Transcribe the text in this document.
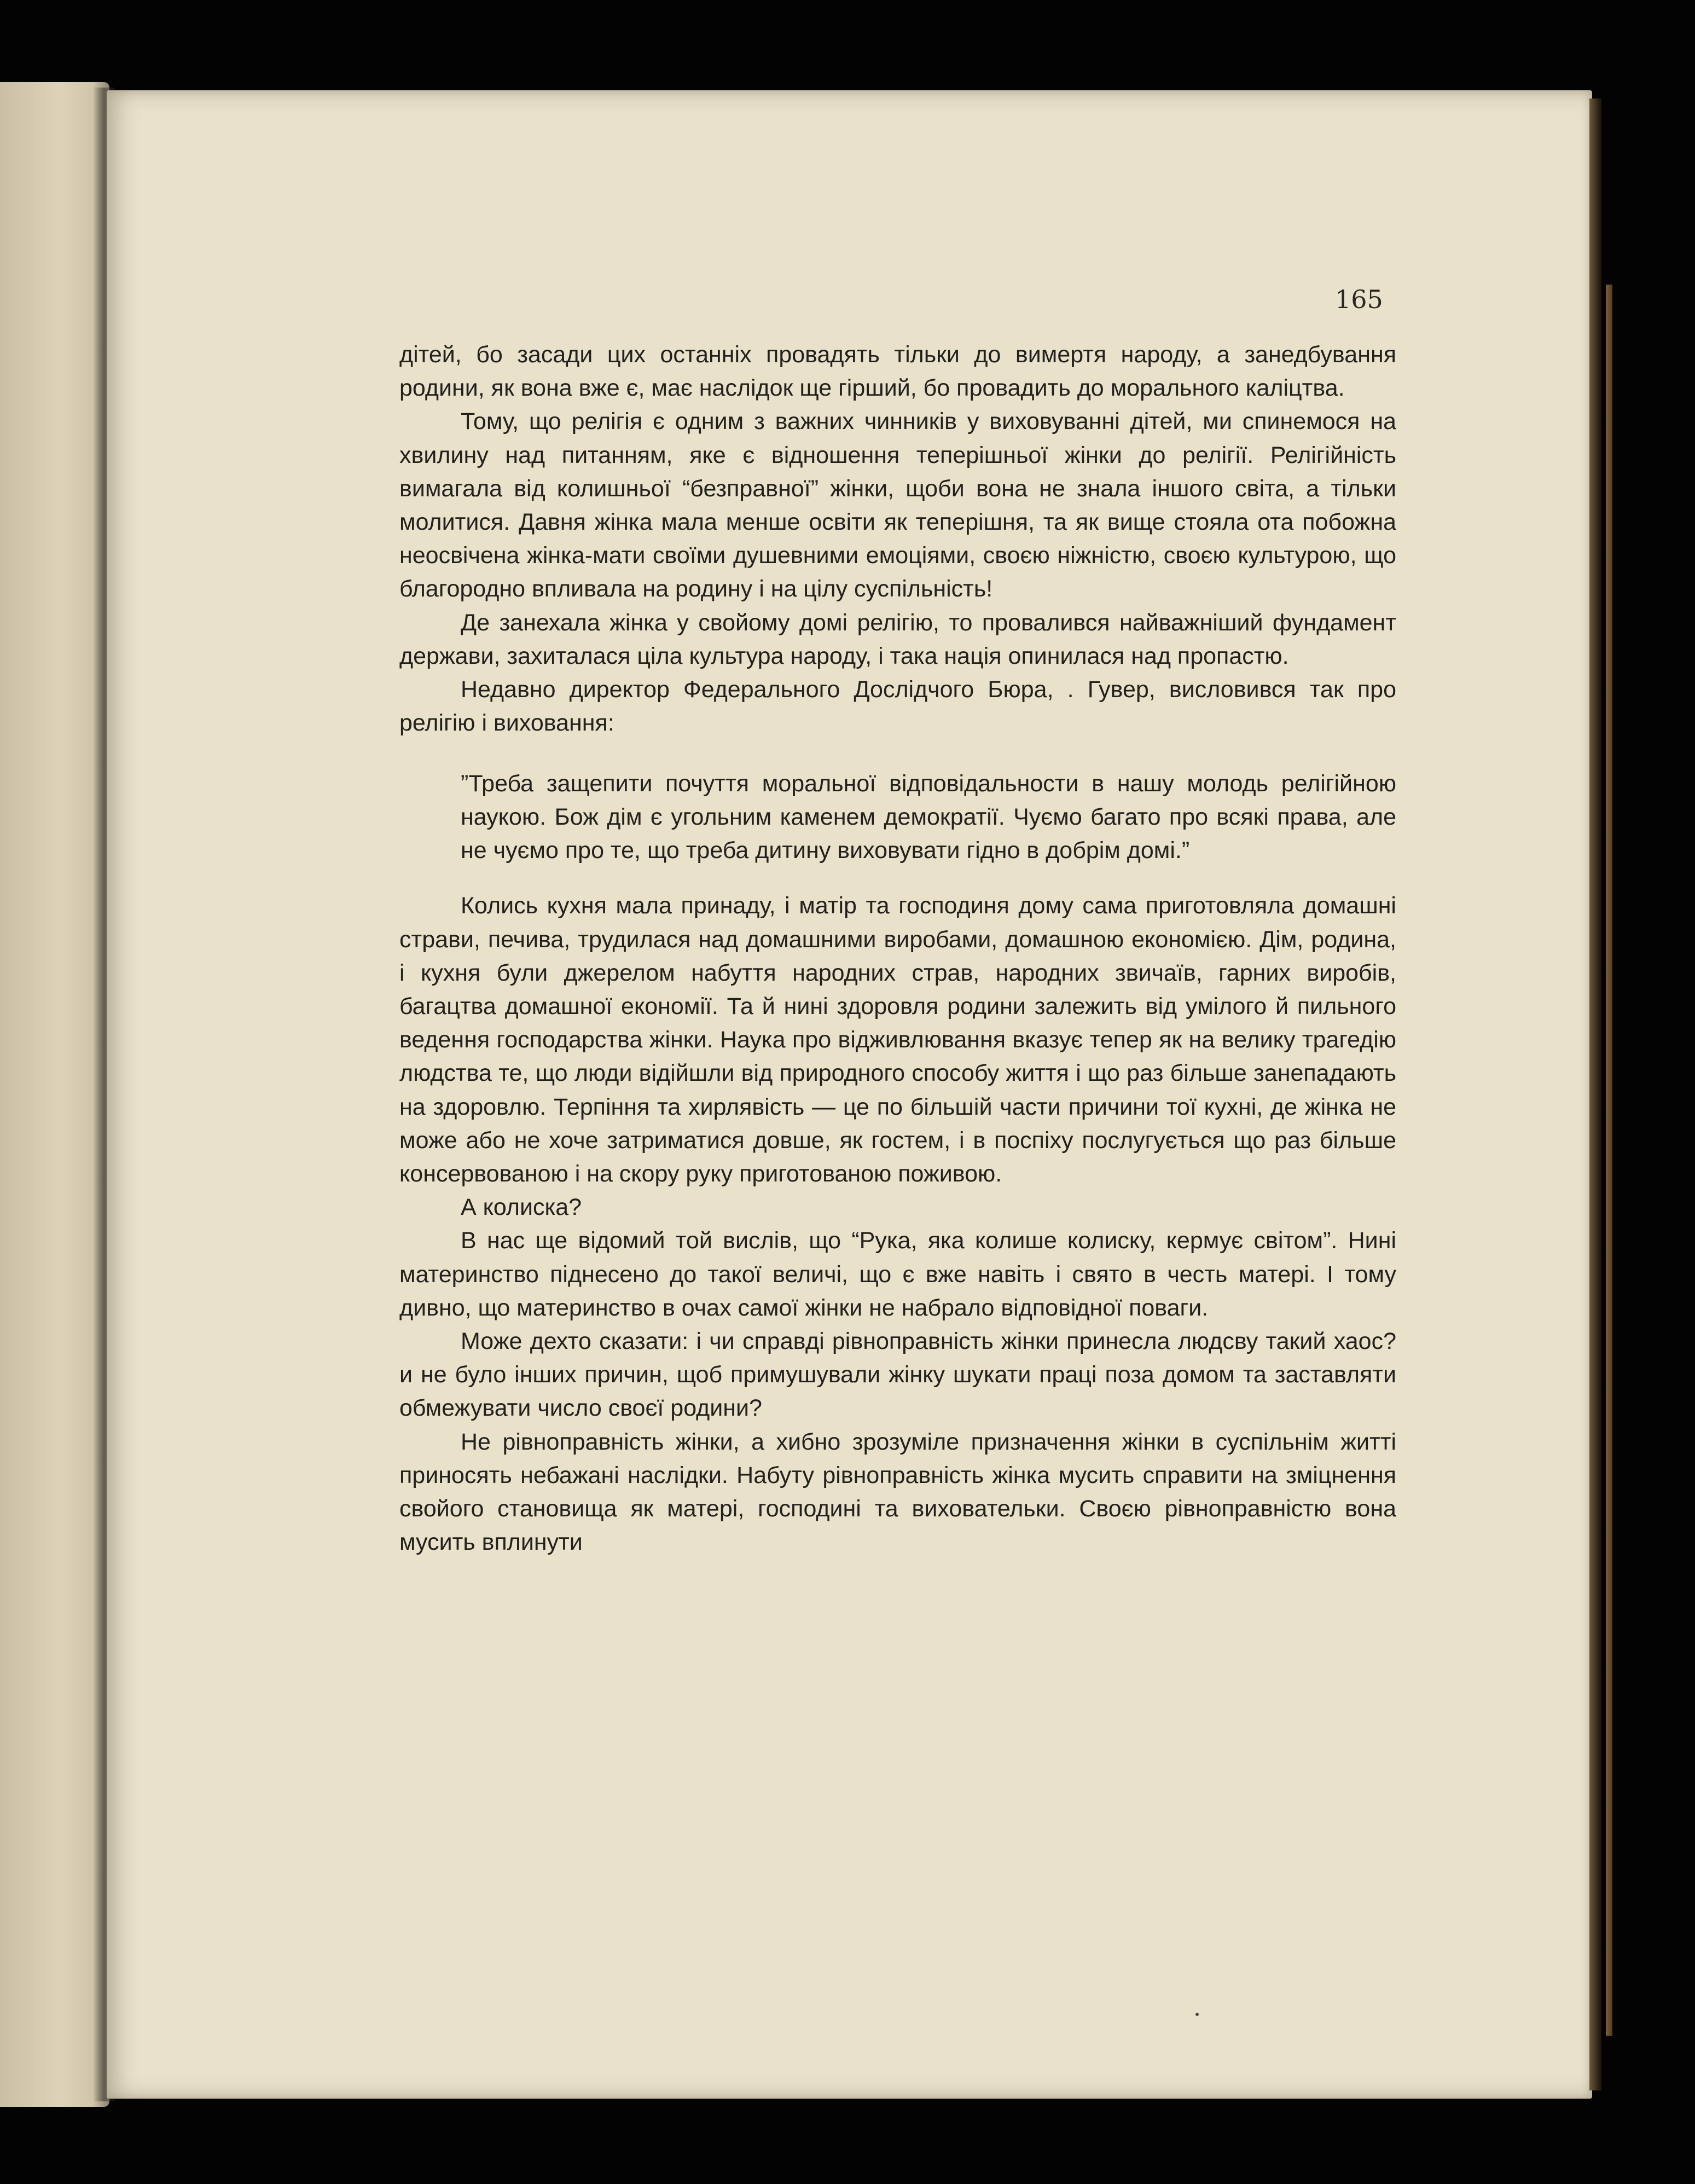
165

дітей, бо засади цих останніх провадять тільки до вимертя народу, а занедбування родини, як вона вже є, має наслідок ще гірший, бо провадить до морального каліцтва.

Тому, що релігія є одним з важних чинників у виховуванні дітей, ми спинемося на хвилину над питанням, яке є відношення теперішньої жінки до релігії. Релігійність вимагала від колишньої “безправної” жінки, щоби вона не знала іншого світа, а тільки молитися. Давня жінка мала менше освіти як теперішня, та як вище стояла ота побожна неосвічена жінка-мати своїми душевними емоціями, своєю ніжністю, своєю культурою, що благородно впливала на родину і на цілу суспільність!

Де занехала жінка у свойому домі релігію, то провалився найважніший фундамент держави, захиталася ціла культура народу, і така нація опинилася над пропастю.

Недавно директор Федерального Дослідчого Бюра, . Гувер, висловився так про релігію і виховання:

”Треба защепити почуття моральної відповідальности в нашу молодь релігійною наукою. Бож дім є угольним каменем демократії. Чуємо багато про всякі права, але не чуємо про те, що треба дитину виховувати гідно в добрім домі.”

Колись кухня мала принаду, і матір та господиня дому сама приготовляла домашні страви, печива, трудилася над домашними виробами, домашною економією. Дім, родина, і кухня були джерелом набуття народних страв, народних звичаїв, гарних виробів, багацтва домашної економії. Та й нині здоровля родини залежить від умілого й пильного ведення господарства жінки. Наука про відживлювання вказує тепер як на велику трагедію людства те, що люди відійшли від природного способу життя і що раз більше занепадають на здоровлю. Терпіння та хирлявість — це по більшій части причини тої кухні, де жінка не може або не хоче затриматися довше, як гостем, і в поспіху послугується що раз більше консервованою і на скору руку приготованою поживою.

А колиска?

В нас ще відомий той вислів, що “Рука, яка колише колиску, кермує світом”. Нині материнство піднесено до такої величі, що є вже навіть і свято в честь матері. І тому дивно, що материнство в очах самої жінки не набрало відповідної поваги.

Може дехто сказати: і чи справді рівноправність жінки принесла людсву такий хаос? и не було інших причин, щоб примушували жінку шукати праці поза домом та заставляти обмежувати число своєї родини?

Не рівноправність жінки, а хибно зрозуміле призначення жінки в суспільнім житті приносять небажані наслідки. Набуту рівноправність жінка мусить справити на зміцнення свойого становища як матері, господині та виховательки. Своєю рівноправністю вона мусить вплинути
